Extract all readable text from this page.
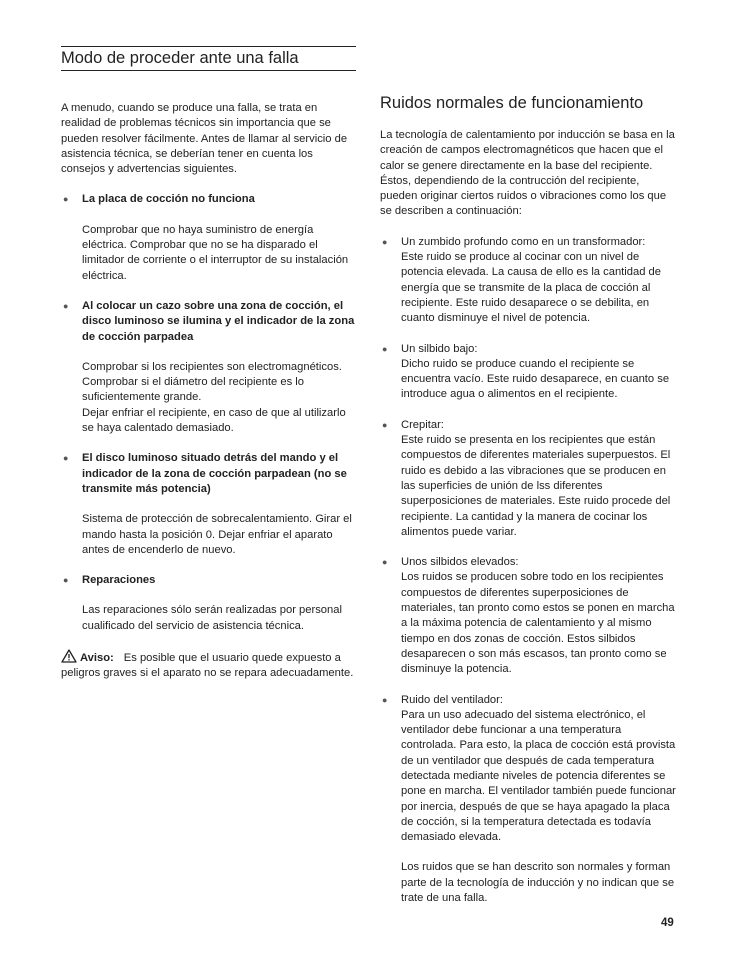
Modo de proceder ante una falla

A menudo, cuando se produce una falla, se trata en realidad de problemas técnicos sin importancia que se pueden resolver fácilmente. Antes de llamar al servicio de asistencia técnica, se deberían tener en cuenta los consejos y advertencias siguientes.

● La placa de cocción no funciona

Comprobar que no haya suministro de energía eléctrica. Comprobar que no se ha disparado el limitador de corriente o el interruptor de su instalación eléctrica.

● Al colocar un cazo sobre una zona de cocción, el disco luminoso se ilumina y el indicador de la zona de cocción parpadea

Comprobar si los recipientes son electromagnéticos. Comprobar si el diámetro del recipiente es lo suficientemente grande.

Dejar enfriar el recipiente, en caso de que al utilizarlo se haya calentado demasiado.

● El disco luminoso situado detrás del mando y el indicador de la zona de cocción parpadean (no se transmite más potencia)

Sistema de protección de sobrecalentamiento. Girar el mando hasta la posición 0. Dejar enfriar el aparato antes de encenderlo de nuevo.

● Reparaciones

Las reparaciones sólo serán realizadas por personal cualificado del servicio de asistencia técnica.

Aviso: Es posible que el usuario quede expuesto a peligros graves si el aparato no se repara adecuadamente.
Ruidos normales de funcionamiento

La tecnología de calentamiento por inducción se basa en la creación de campos electromagnéticos que hacen que el calor se genere directamente en la base del recipiente. Éstos, dependiendo de la contrucción del recipiente, pueden originar ciertos ruidos o vibraciones como los que se describen a continuación:

● Un zumbido profundo como en un transformador:

Este ruido se produce al cocinar con un nivel de potencia elevada. La causa de ello es la cantidad de energía que se transmite de la placa de cocción al recipiente. Este ruido desaparece o se debilita, en cuanto disminuye el nivel de potencia.

● Un silbido bajo:

Dicho ruido se produce cuando el recipiente se encuentra vacío. Este ruido desaparece, en cuanto se introduce agua o alimentos en el recipiente.

● Crepitar:

Este ruido se presenta en los recipientes que están compuestos de diferentes materiales superpuestos. El ruido es debido a las vibraciones que se producen en las superficies de unión de lss diferentes superposiciones de materiales. Este ruido procede del recipiente. La cantidad y la manera de cocinar los alimentos puede variar.

● Unos silbidos elevados:

Los ruidos se producen sobre todo en los recipientes compuestos de diferentes superposiciones de materiales, tan pronto como estos se ponen en marcha a la máxima potencia de calentamiento y al mismo tiempo en dos zonas de cocción. Estos silbidos desaparecen o son más escasos, tan pronto como se disminuye la potencia.

● Ruido del ventilador:

Para un uso adecuado del sistema electrónico, el ventilador debe funcionar a una temperatura controlada. Para esto, la placa de cocción está provista de un ventilador que después de cada temperatura detectada mediante niveles de potencia diferentes se pone en marcha. El ventilador también puede funcionar por inercia, después de que se haya apagado la placa de cocción, si la temperatura detectada es todavía demasiado elevada.

Los ruidos que se han descrito son normales y forman parte de la tecnología de inducción y no indican que se trate de una falla.

49
